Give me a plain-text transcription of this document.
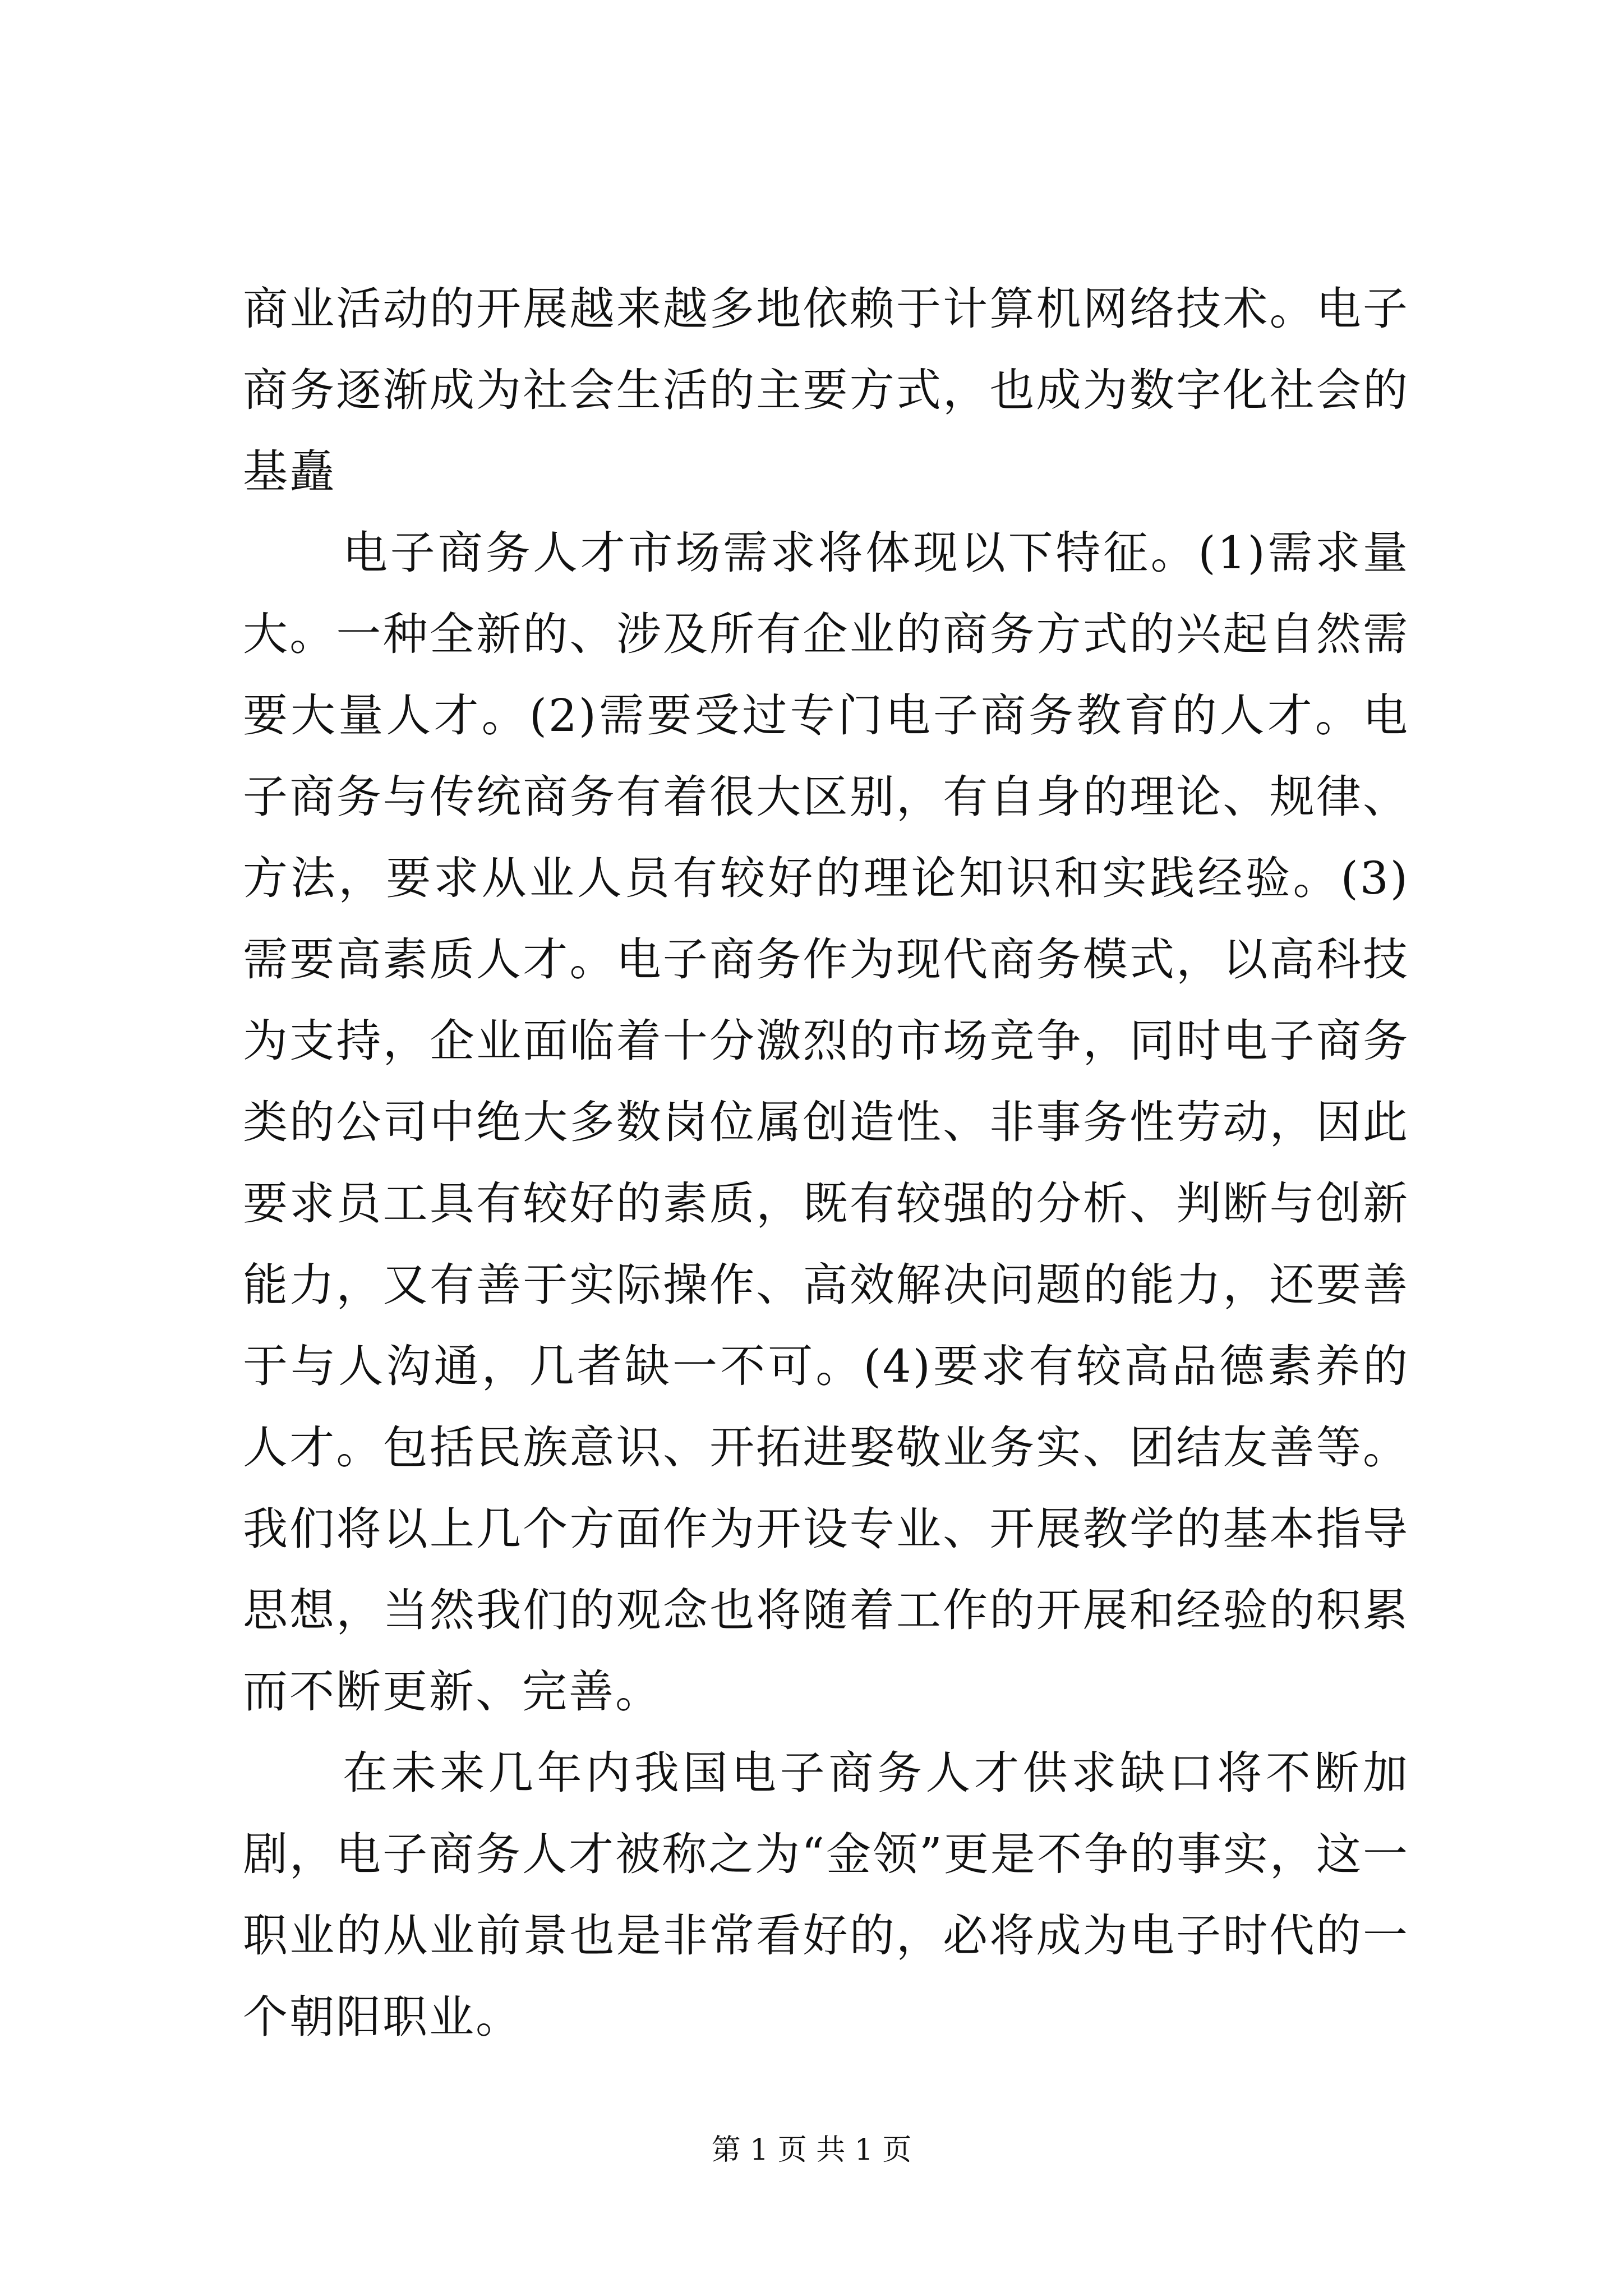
商业活动的开展越来越多地依赖于计算机网络技术。电子商务逐渐成为社会生活的主要方式，也成为数字化社会的基矗

电子商务人才市场需求将体现以下特征。(1)需求量大。一种全新的、涉及所有企业的商务方式的兴起自然需要大量人才。(2)需要受过专门电子商务教育的人才。电子商务与传统商务有着很大区别，有自身的理论、规律、方法，要求从业人员有较好的理论知识和实践经验。(3)需要高素质人才。电子商务作为现代商务模式，以高科技为支持，企业面临着十分激烈的市场竞争，同时电子商务类的公司中绝大多数岗位属创造性、非事务性劳动，因此要求员工具有较好的素质，既有较强的分析、判断与创新能力，又有善于实际操作、高效解决问题的能力，还要善于与人沟通，几者缺一不可。(4)要求有较高品德素养的人才。包括民族意识、开拓进娶敬业务实、团结友善等。我们将以上几个方面作为开设专业、开展教学的基本指导思想，当然我们的观念也将随着工作的开展和经验的积累而不断更新、完善。

在未来几年内我国电子商务人才供求缺口将不断加剧，电子商务人才被称之为“金领”更是不争的事实，这一职业的从业前景也是非常看好的，必将成为电子时代的一个朝阳职业。

第 1 页 共 1 页
